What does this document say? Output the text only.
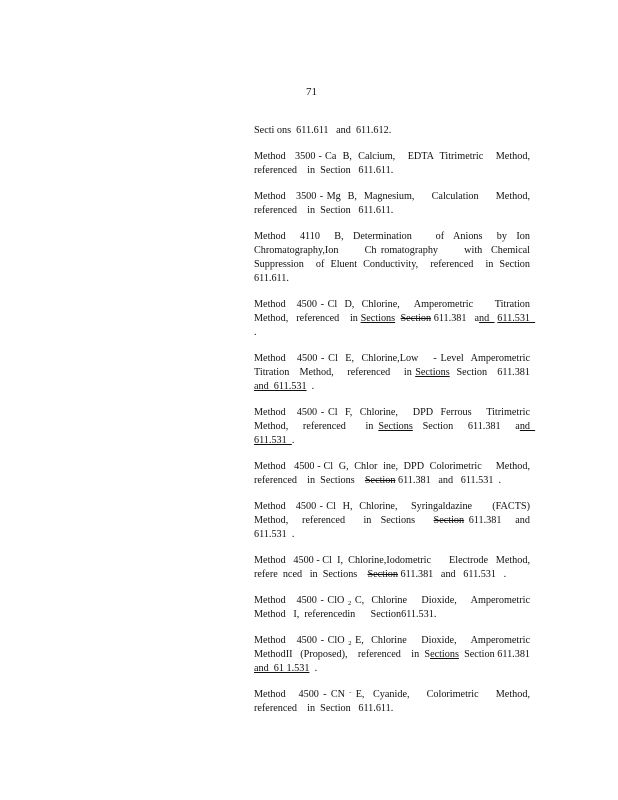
71

Secti ons  611.611   and  611.612.

Method   3500 - Ca  B,  Calcium,    EDTA  Titrimetric    Method, referenced    in  Section   611.611.

Method   3500 - Mg  B,  Magnesium,     Calculation     Method, referenced    in  Section   611.611.

Method   4110   B,  Determination     of  Anions   by  Ion Chromatography,Ion      Ch romatography      with  Chemical Suppression    of  Eluent  Conductivity,    referenced    in  Section 611.611.

Method   4500 - Cl  D,  Chlorine,    Amperometric      Titration Method,   referenced    in Sections Section 611.381   and   611.531  .

Method   4500 - Cl  E,  Chlorine,Low    - Level  Amperometric Titration   Method,    referenced    in Sections  Section   611.381 and  611.531  .

Method   4500 - Cl  F,  Chlorine,    DPD  Ferrous    Titrimetric Method,   referenced    in Sections  Section   611.381   and   611.531  .

Method   4500 - Cl  G,  Chlor  ine,  DPD  Colorimetric     Method, referenced    in  Sections    Section 611.381   and   611.531  .

Method   4500 - Cl  H,  Chlorine,    Syringaldazine      (FACTS) Method,   referenced    in  Sections    Section 611.381   and 611.531  .

Method   4500 - Cl  I,  Chlorine,Iodometric       Electrode   Method, refere  nced   in  Sections    Section 611.381   and   611.531   .

Method   4500 - ClO $_2$ C,  Chlorine    Dioxide,    Amperometric Method   I,  referencedin      Section611.531.

Method   4500 - ClO $_2$ E,  Chlorine    Dioxide,    Amperometric MethodII   (Proposed),    referenced    in  Sections  Section 611.381   and  61 1.531  .

Method   4500 - CN - E,  Cyanide,    Colorimetric    Method, referenced    in  Section   611.611.
